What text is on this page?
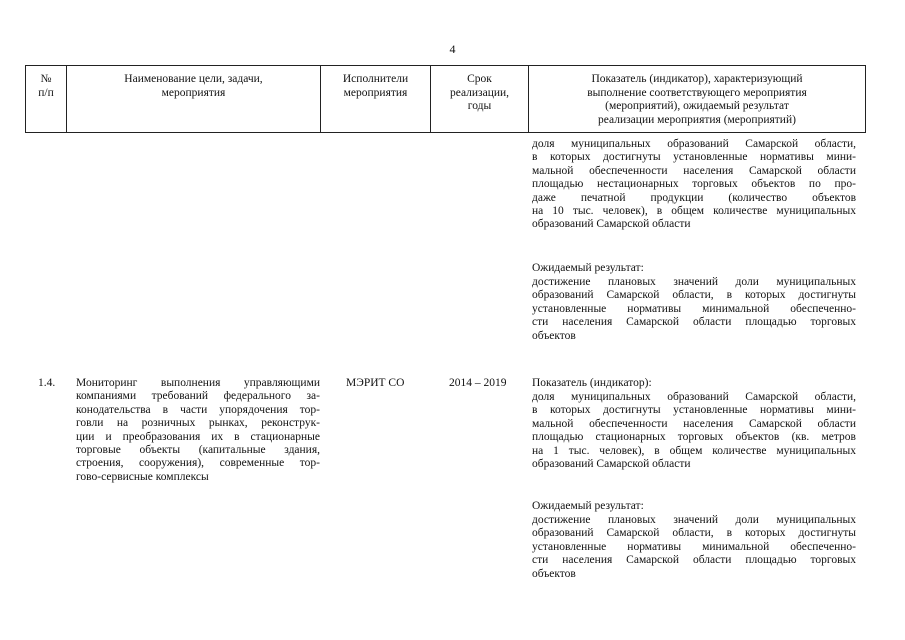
4
№
п/п
Наименование цели, задачи,
мероприятия
Исполнители
мероприятия
Срок
реализации,
годы
Показатель (индикатор), характеризующий
выполнение соответствующего мероприятия
(мероприятий), ожидаемый результат
реализации мероприятия (мероприятий)
доля муниципальных образований Самарской области,
в которых достигнуты установленные нормативы мини-
мальной обеспеченности населения Самарской области
площадью нестационарных торговых объектов по про-
даже печатной продукции (количество объектов
на 10 тыс. человек), в общем количестве муниципальных
образований Самарской области
Ожидаемый результат:
достижение плановых значений доли муниципальных
образований Самарской области, в которых достигнуты
установленные нормативы минимальной обеспеченно-
сти населения Самарской области площадью торговых
объектов
1.4. Мониторинг выполнения управляющими
компаниями требований федерального за-
конодательства в части упорядочения тор-
говли на розничных рынках, реконструк-
ции и преобразования их в стационарные
торговые объекты (капитальные здания,
строения, сооружения), современные тор-
гово-сервисные комплексы
МЭРИТ СО	2014 – 2019 Показатель (индикатор):
доля муниципальных образований Самарской области,
в которых достигнуты установленные нормативы мини-
мальной обеспеченности населения Самарской области
площадью стационарных торговых объектов (кв. метров
на 1 тыс. человек), в общем количестве муниципальных
образований Самарской области
Ожидаемый результат:
достижение плановых значений доли муниципальных
образований Самарской области, в которых достигнуты
установленные нормативы минимальной обеспеченно-
сти населения Самарской области площадью торговых
объектов
